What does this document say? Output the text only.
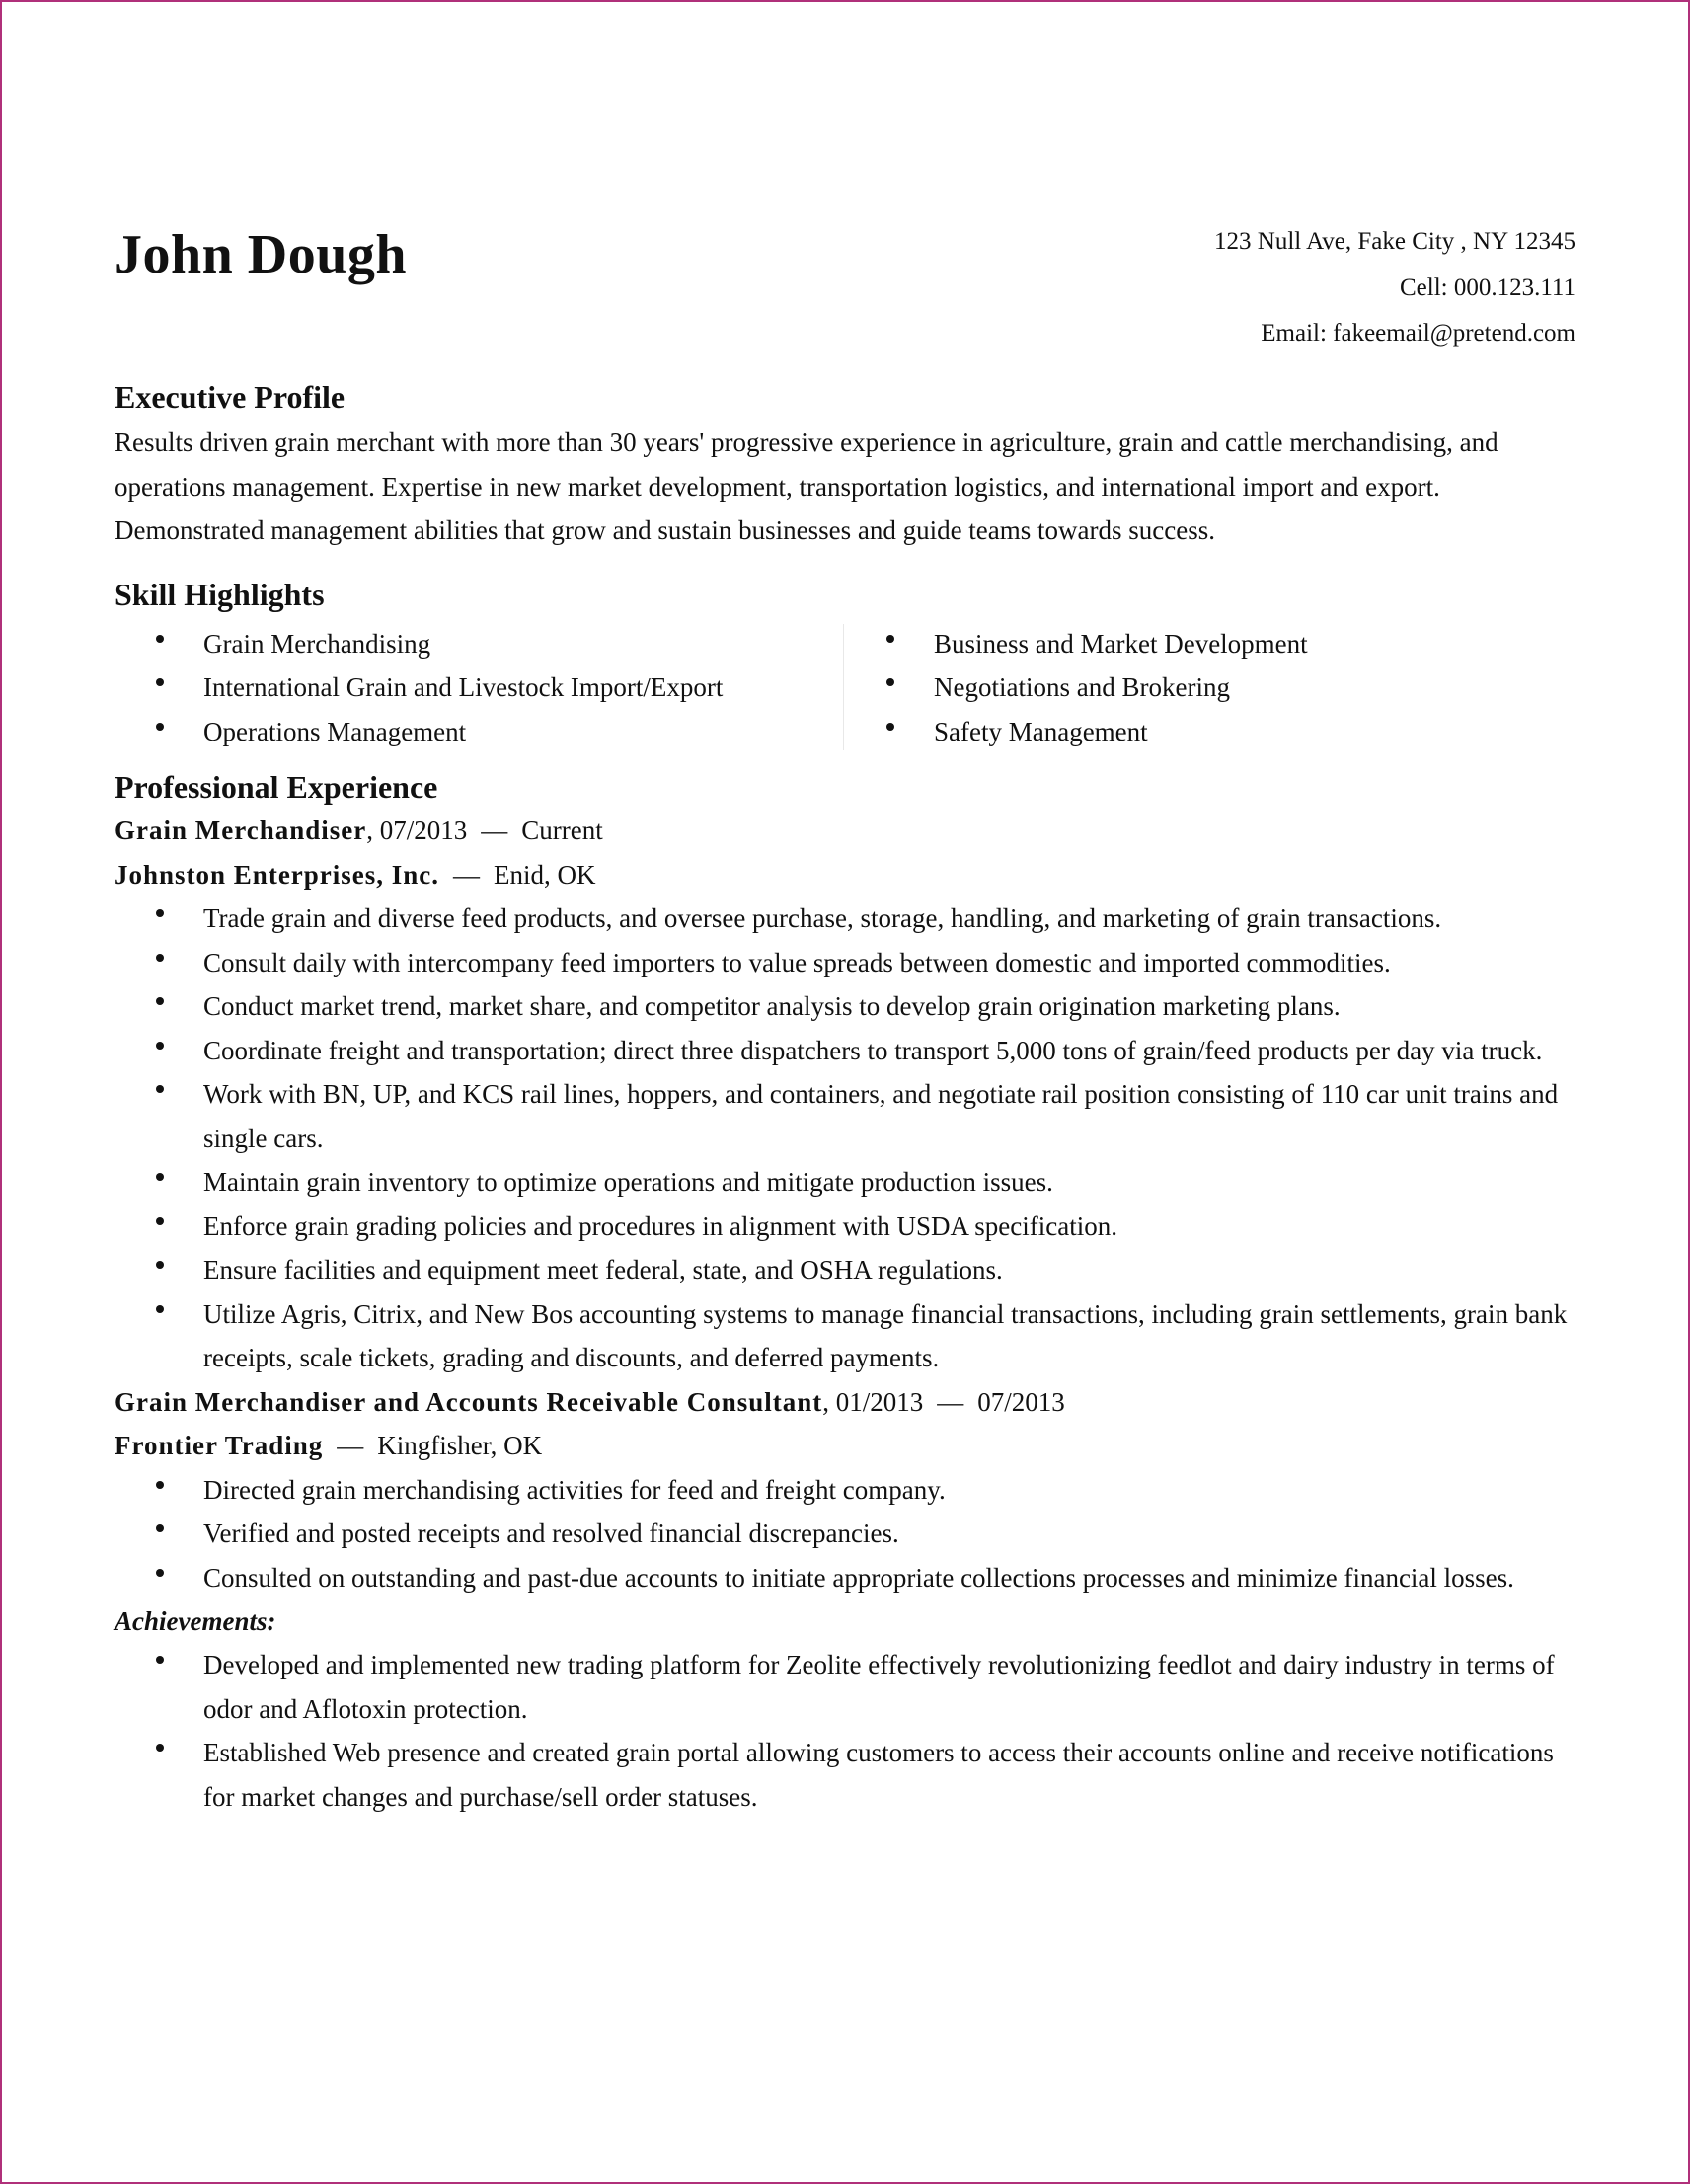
John Dough	123 Null Ave, Fake City , NY 12345
Cell: 000.123.111
Email: fakeemail@pretend.com
Executive Profile

Results driven grain merchant with more than 30 years' progressive experience in agriculture, grain and cattle merchandising, and operations management. Expertise in new market development, transportation logistics, and international import and export. Demonstrated management abilities that grow and sustain businesses and guide teams towards success.

Skill Highlights
Grain Merchandising
International Grain and Livestock Import/Export
Operations Management
Business and Market Development
Negotiations and Brokering
Safety Management
Professional Experience

Grain Merchandiser, 07/2013 — Current

Johnston Enterprises, Inc. — Enid, OK

Trade grain and diverse feed products, and oversee purchase, storage, handling, and marketing of grain transactions.
Consult daily with intercompany feed importers to value spreads between domestic and imported commodities.
Conduct market trend, market share, and competitor analysis to develop grain origination marketing plans.
Coordinate freight and transportation; direct three dispatchers to transport 5,000 tons of grain/feed products per day via truck.
Work with BN, UP, and KCS rail lines, hoppers, and containers, and negotiate rail position consisting of 110 car unit trains and single cars.
Maintain grain inventory to optimize operations and mitigate production issues.
Enforce grain grading policies and procedures in alignment with USDA specification.
Ensure facilities and equipment meet federal, state, and OSHA regulations.
Utilize Agris, Citrix, and New Bos accounting systems to manage financial transactions, including grain settlements, grain bank receipts, scale tickets, grading and discounts, and deferred payments.

Grain Merchandiser and Accounts Receivable Consultant, 01/2013 — 07/2013

Frontier Trading — Kingfisher, OK

Directed grain merchandising activities for feed and freight company.
Verified and posted receipts and resolved financial discrepancies.
Consulted on outstanding and past-due accounts to initiate appropriate collections processes and minimize financial losses.

Achievements:

Developed and implemented new trading platform for Zeolite effectively revolutionizing feedlot and dairy industry in terms of odor and Aflotoxin protection.
Established Web presence and created grain portal allowing customers to access their accounts online and receive notifications for market changes and purchase/sell order statuses.
